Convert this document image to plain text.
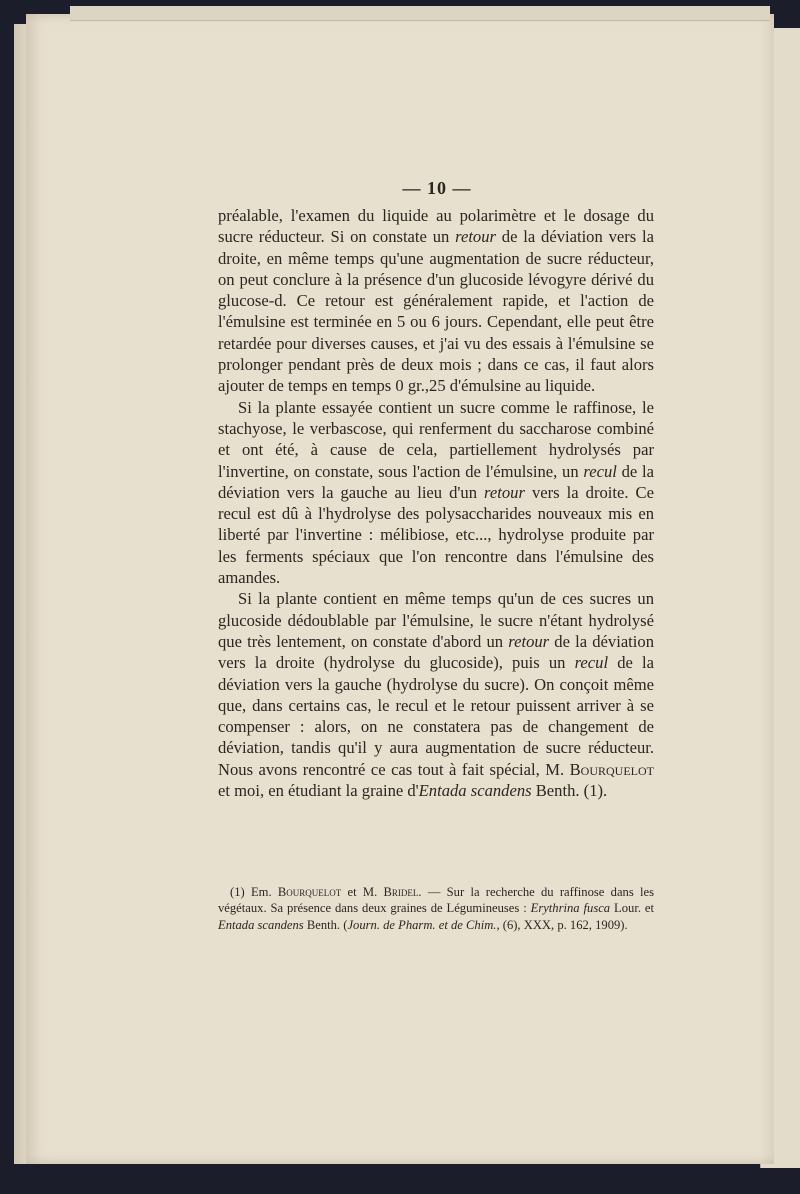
— 10 —

préalable, l'examen du liquide au polarimètre et le dosage du sucre réducteur. Si on constate un retour de la déviation vers la droite, en même temps qu'une augmentation de sucre réducteur, on peut conclure à la présence d'un glucoside lévogyre dérivé du glucose-d. Ce retour est généralement rapide, et l'action de l'émulsine est terminée en 5 ou 6 jours. Cependant, elle peut être retardée pour diverses causes, et j'ai vu des essais à l'émulsine se prolonger pendant près de deux mois ; dans ce cas, il faut alors ajouter de temps en temps 0 gr.,25 d'émulsine au liquide.

Si la plante essayée contient un sucre comme le raffinose, le stachyose, le verbascose, qui renferment du saccharose combiné et ont été, à cause de cela, partiellement hydrolysés par l'invertine, on constate, sous l'action de l'émulsine, un recul de la déviation vers la gauche au lieu d'un retour vers la droite. Ce recul est dû à l'hydrolyse des polysaccharides nouveaux mis en liberté par l'invertine : mélibiose, etc..., hydrolyse produite par les ferments spéciaux que l'on rencontre dans l'émulsine des amandes.

Si la plante contient en même temps qu'un de ces sucres un glucoside dédoublable par l'émulsine, le sucre n'étant hydrolysé que très lentement, on constate d'abord un retour de la déviation vers la droite (hydrolyse du glucoside), puis un recul de la déviation vers la gauche (hydrolyse du sucre). On conçoit même que, dans certains cas, le recul et le retour puissent arriver à se compenser : alors, on ne constatera pas de changement de déviation, tandis qu'il y aura augmentation de sucre réducteur. Nous avons rencontré ce cas tout à fait spécial, M. Bourquelot et moi, en étudiant la graine d'Entada scandens Benth. (1).

(1) Em. Bourquelot et M. Bridel. — Sur la recherche du raffinose dans les végétaux. Sa présence dans deux graines de Légumineuses : Erythrina fusca Lour. et Entada scandens Benth. (Journ. de Pharm. et de Chim., (6), XXX, p. 162, 1909).
